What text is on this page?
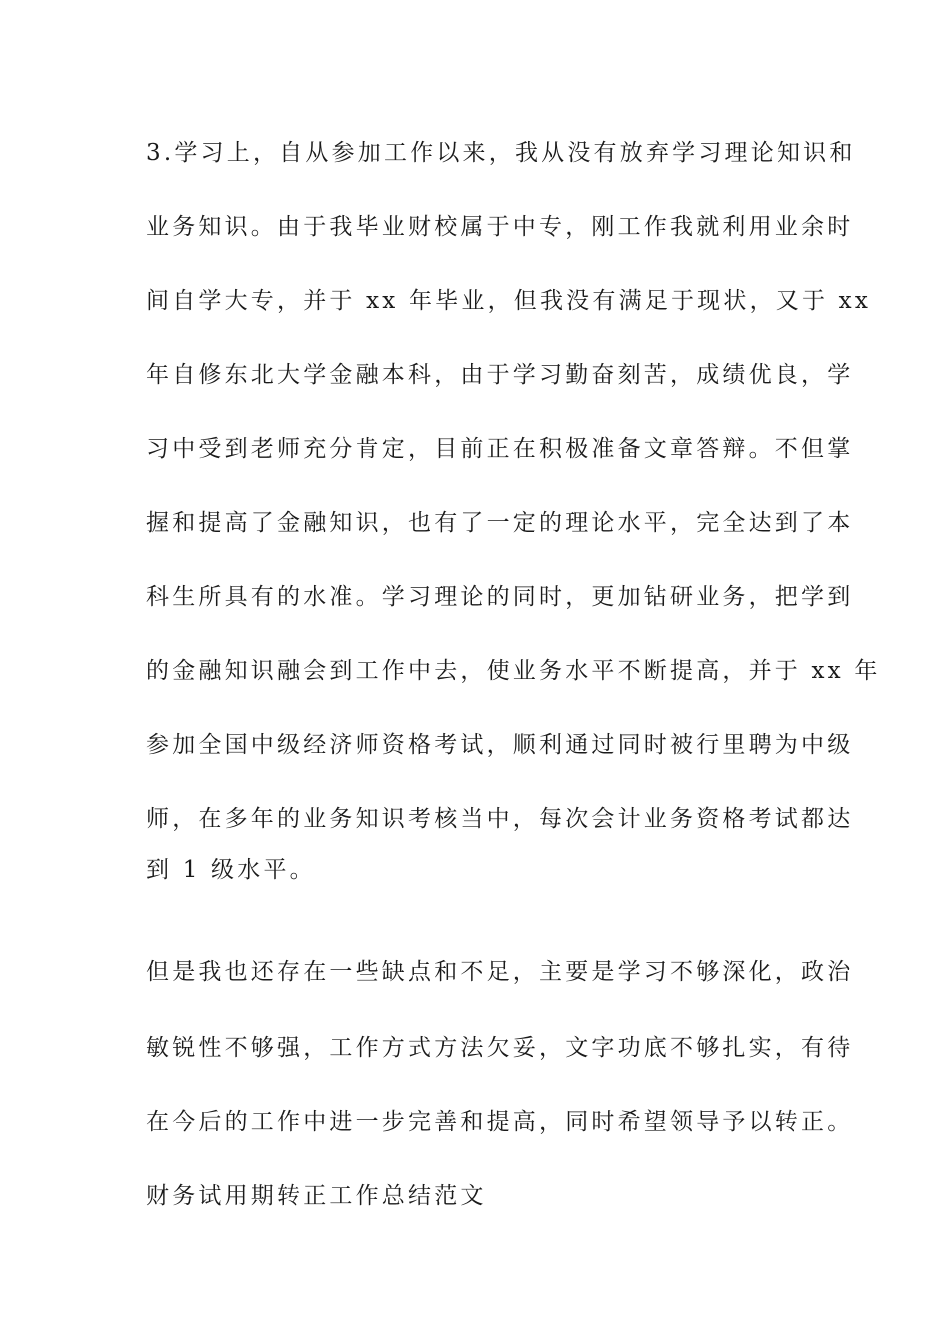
3.学习上，自从参加工作以来，我从没有放弃学习理论知识和
业务知识。由于我毕业财校属于中专，刚工作我就利用业余时
间自学大专，并于 xx 年毕业，但我没有满足于现状，又于 xx
年自修东北大学金融本科，由于学习勤奋刻苦，成绩优良，学
习中受到老师充分肯定，目前正在积极准备文章答辩。不但掌
握和提高了金融知识，也有了一定的理论水平，完全达到了本
科生所具有的水准。学习理论的同时，更加钻研业务，把学到
的金融知识融会到工作中去，使业务水平不断提高，并于 xx 年
参加全国中级经济师资格考试，顺利通过同时被行里聘为中级
师，在多年的业务知识考核当中，每次会计业务资格考试都达
到 1 级水平。
但是我也还存在一些缺点和不足，主要是学习不够深化，政治
敏锐性不够强，工作方式方法欠妥，文字功底不够扎实，有待
在今后的工作中进一步完善和提高，同时希望领导予以转正。
财务试用期转正工作总结范文
